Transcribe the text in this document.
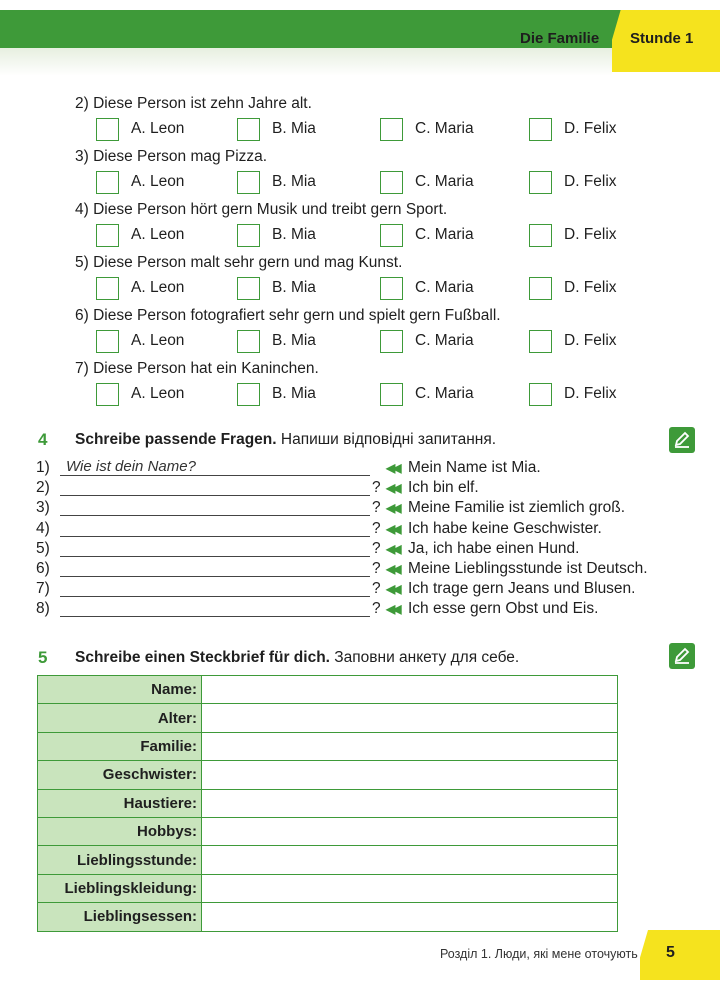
Die Familie Stunde 1
2) Diese Person ist zehn Jahre alt.
A. Leon	B. Mia	C. Maria	D. Felix
3) Diese Person mag Pizza.
A. Leon	B. Mia	C. Maria	D. Felix
4) Diese Person hört gern Musik und treibt gern Sport.
A. Leon	B. Mia	C. Maria	D. Felix
5) Diese Person malt sehr gern und mag Kunst.
A. Leon	B. Mia	C. Maria	D. Felix
6) Diese Person fotografiert sehr gern und spielt gern Fußball.
A. Leon	B. Mia	C. Maria	D. Felix
7) Diese Person hat ein Kaninchen.
A. Leon	B. Mia	C. Maria	D. Felix
4 Schreibe passende Fragen. Напиши відповідні запитання.
1) Wie ist dein Name?	◀◀ Mein Name ist Mia.
2)	? ◀◀ Ich bin elf.
3)	? ◀◀ Meine Familie ist ziemlich groß.
4)	? ◀◀ Ich habe keine Geschwister.
5)	? ◀◀ Ja, ich habe einen Hund.
6)	? ◀◀ Meine Lieblingsstunde ist Deutsch.
7)	? ◀◀ Ich trage gern Jeans und Blusen.
8)	? ◀◀ Ich esse gern Obst und Eis.
5 Schreibe einen Steckbrief für dich. Заповни анкету для себе.
Name:	
Alter:	
Familie:	
Geschwister:	
Haustiere:	
Hobbys:	
Lieblingsstunde:	
Lieblingskleidung:	
Lieblingsessen:	
Розділ 1. Люди, які мене оточують 5
